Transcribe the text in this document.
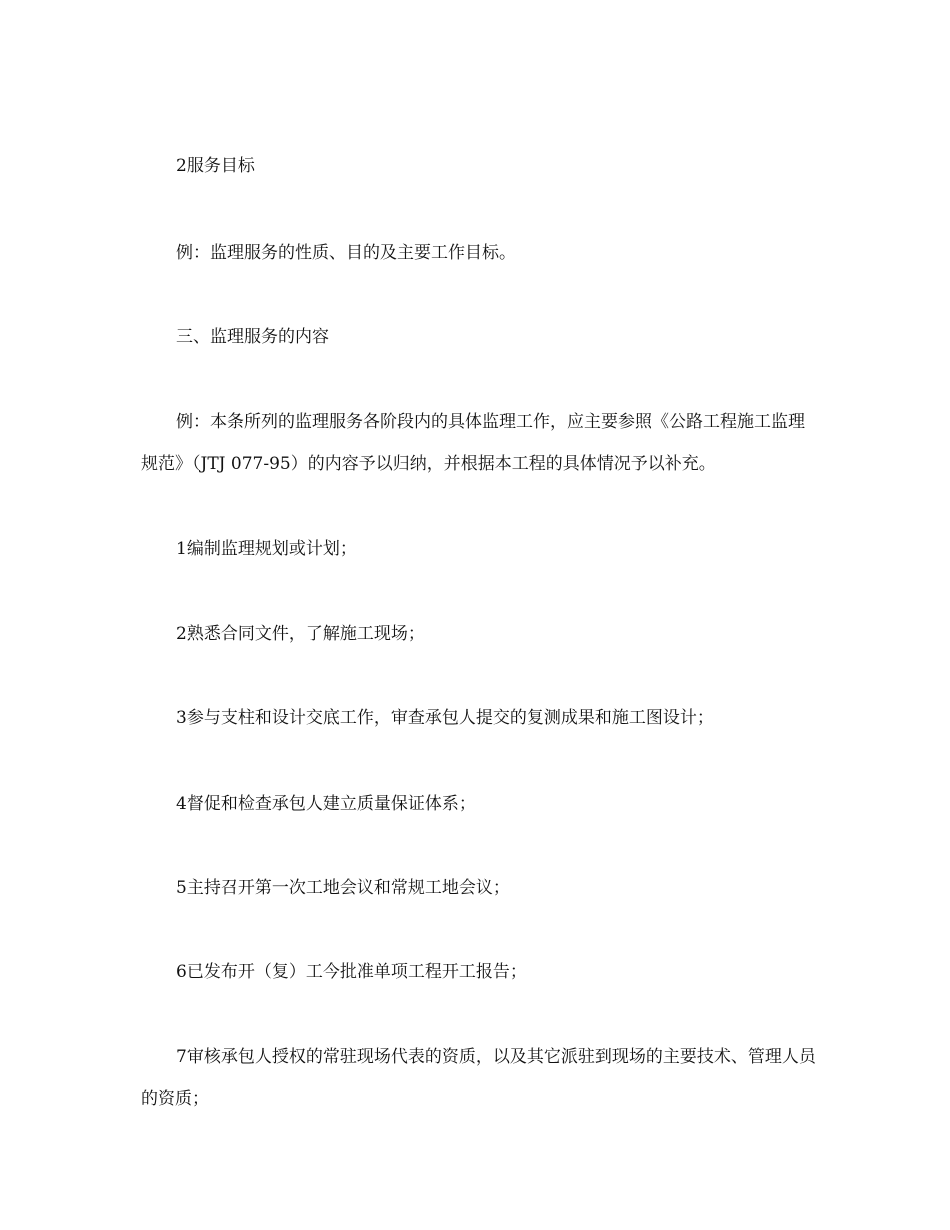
2服务目标

例：监理服务的性质、目的及主要工作目标。

三、监理服务的内容

例：本条所列的监理服务各阶段内的具体监理工作，应主要参照《公路工程施工监理规范》（JTJ 077-95）的内容予以归纳，并根据本工程的具体情况予以补充。

1编制监理规划或计划；

2熟悉合同文件，了解施工现场；

3参与支柱和设计交底工作，审查承包人提交的复测成果和施工图设计；

4督促和检查承包人建立质量保证体系；

5主持召开第一次工地会议和常规工地会议；

6已发布开（复）工今批准单项工程开工报告；

7审核承包人授权的常驻现场代表的资质，以及其它派驻到现场的主要技术、管理人员的资质；
